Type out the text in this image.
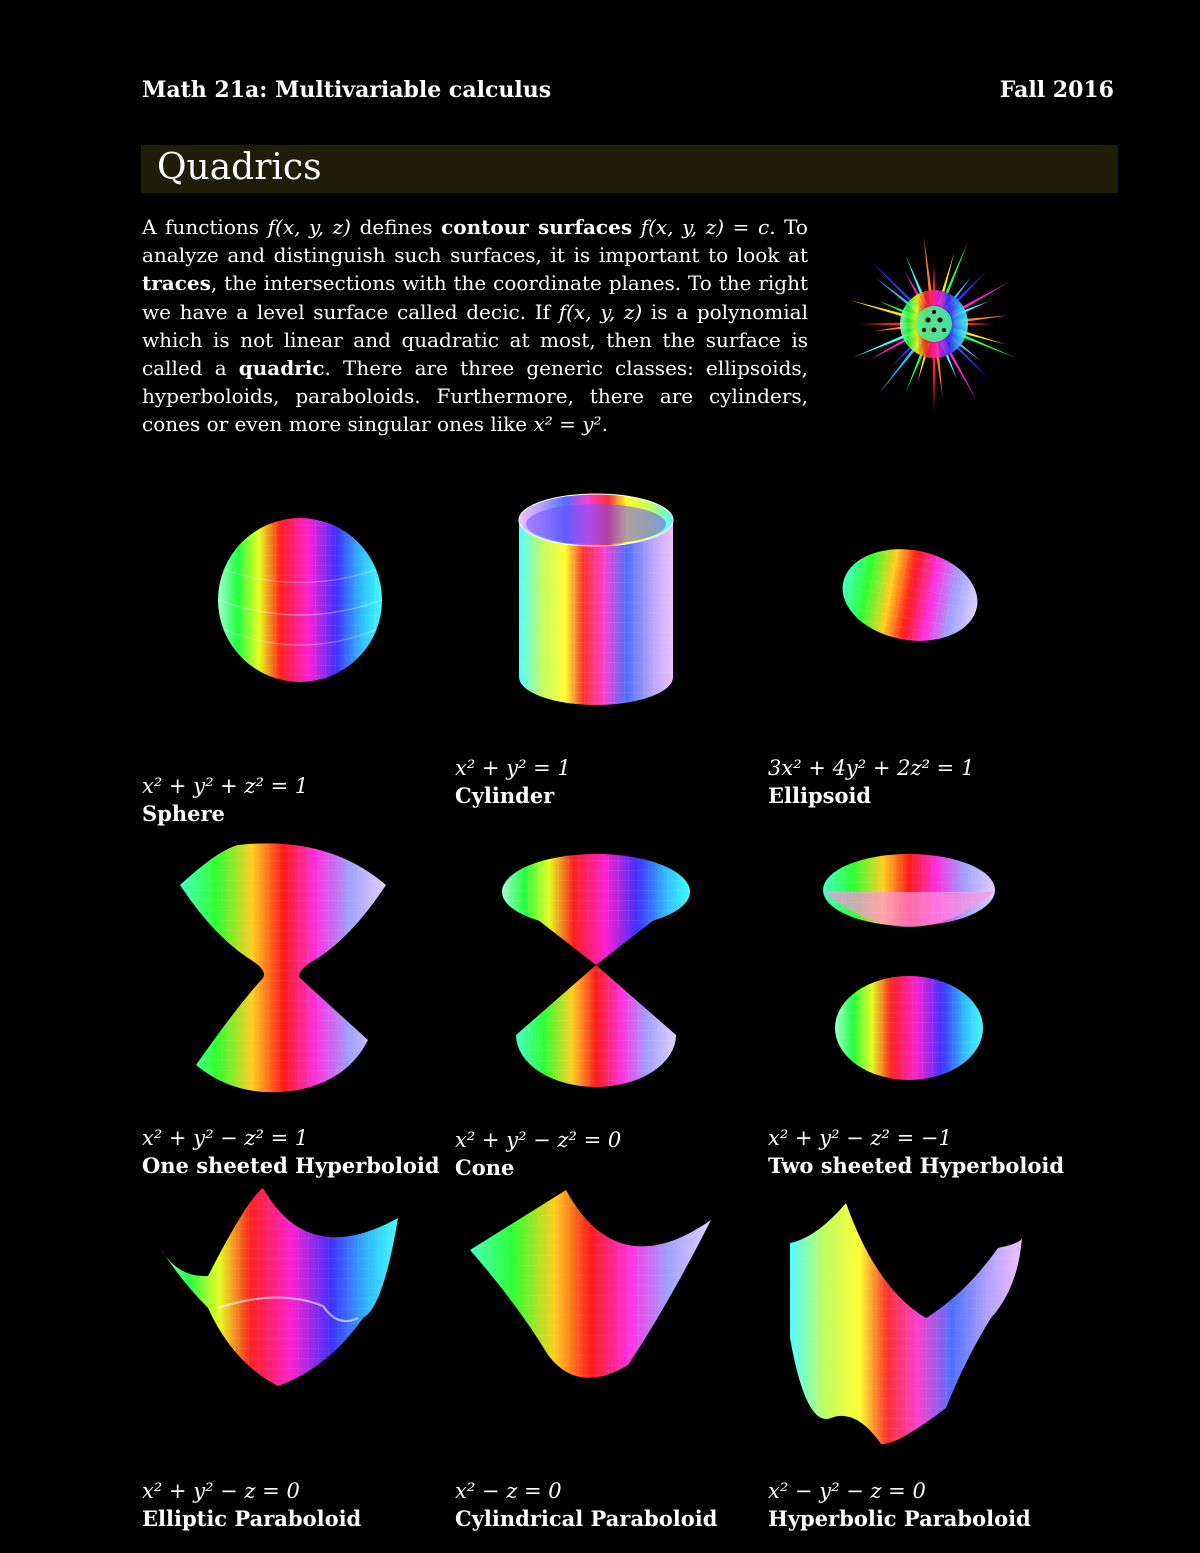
Math 21a: Multivariable calculus	Fall 2016
Quadrics
A functions f(x, y, z) defines contour surfaces f(x, y, z) = c. To analyze and distinguish such surfaces, it is important to look at traces, the intersections with the coordinate planes. To the right we have a level surface called decic. If f(x, y, z) is a polynomial which is not linear and quadratic at most, then the surface is called a quadric. There are three generic classes: ellipsoids, hyperboloids, paraboloids. Furthermore, there are cylinders, cones or even more singular ones like x² = y².
x² + y² + z² = 1
Sphere
x² + y² = 1
Cylinder
3x² + 4y² + 2z² = 1
Ellipsoid
x² + y² − z² = 1
One sheeted Hyperboloid
x² + y² − z² = 0
Cone
x² + y² − z² = −1
Two sheeted Hyperboloid
x² + y² − z = 0
Elliptic Paraboloid
x² − z = 0
Cylindrical Paraboloid
x² − y² − z = 0
Hyperbolic Paraboloid
